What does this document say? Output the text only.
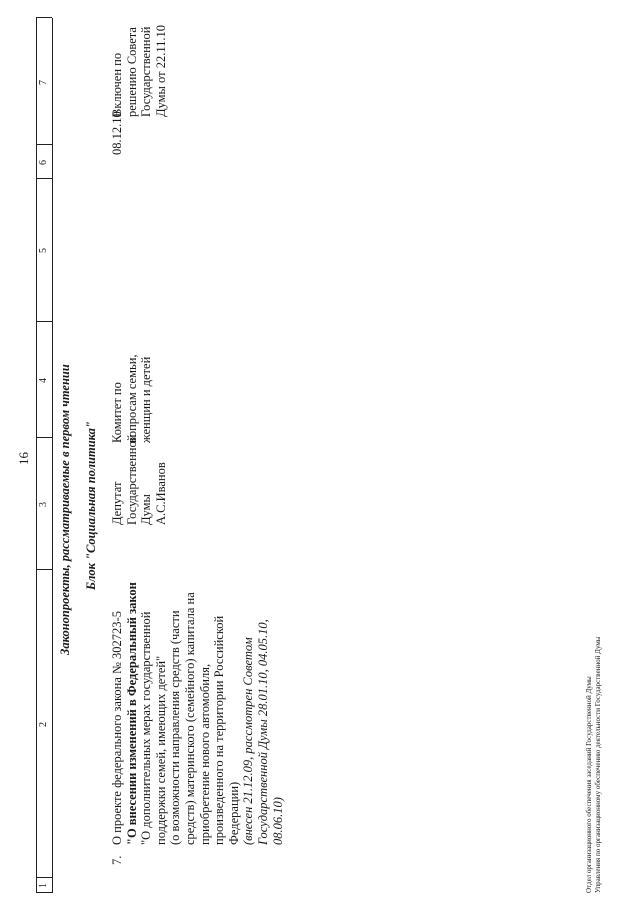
16
1
2
3
4
5
6
7
Законопроекты, рассматриваемые в первом чтении Блок "Социальная политика"
7.
О проекте федерального закона № 302723-5 "О внесении изменений в Федеральный закон "О дополнительных мерах государственной поддержки семей, имеющих детей" (о возможности направления средств (части средств) материнского (семейного) капитала на приобретение нового автомобиля, произведенного на территории Российской Федерации) (внесен 21.12.09, рассмотрен Советом Государственной Думы 28.01.10, 04.05.10, 08.06.10)
Депутат Государственной Думы А.С.Иванов
Комитет по вопросам семьи, женщин и детей
08.12.10
Включен по решению Совета Государственной Думы от 22.11.10
Отдел организационного обеспечения заседаний Государственной Думы Управления по организационному обеспечению деятельности Государственной Думы
